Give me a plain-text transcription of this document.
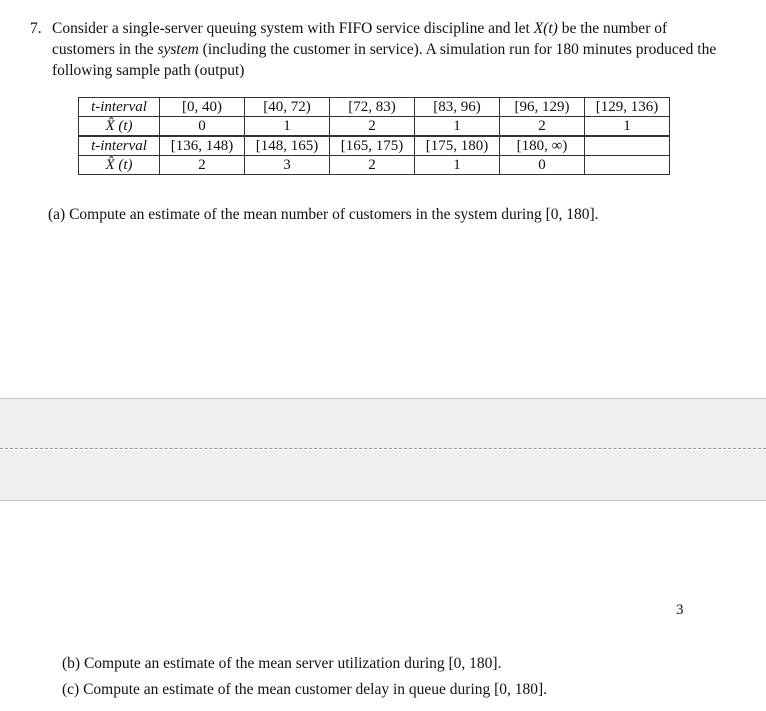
7. Consider a single-server queuing system with FIFO service discipline and let X(t) be the number of customers in the system (including the customer in service). A simulation run for 180 minutes produced the following sample path (output)
t-interval	[0, 40)	[40, 72)	[72, 83)	[83, 96)	[96, 129)	[129, 136)
X̂ (t)	0	1	2	1	2	1
t-interval	[136, 148)	[148, 165)	[165, 175)	[175, 180)	[180, ∞)	
X̂ (t)	2	3	2	1	0	
(a) Compute an estimate of the mean number of customers in the system during [0, 180].
3
(b) Compute an estimate of the mean server utilization during [0, 180].
(c) Compute an estimate of the mean customer delay in queue during [0, 180].
